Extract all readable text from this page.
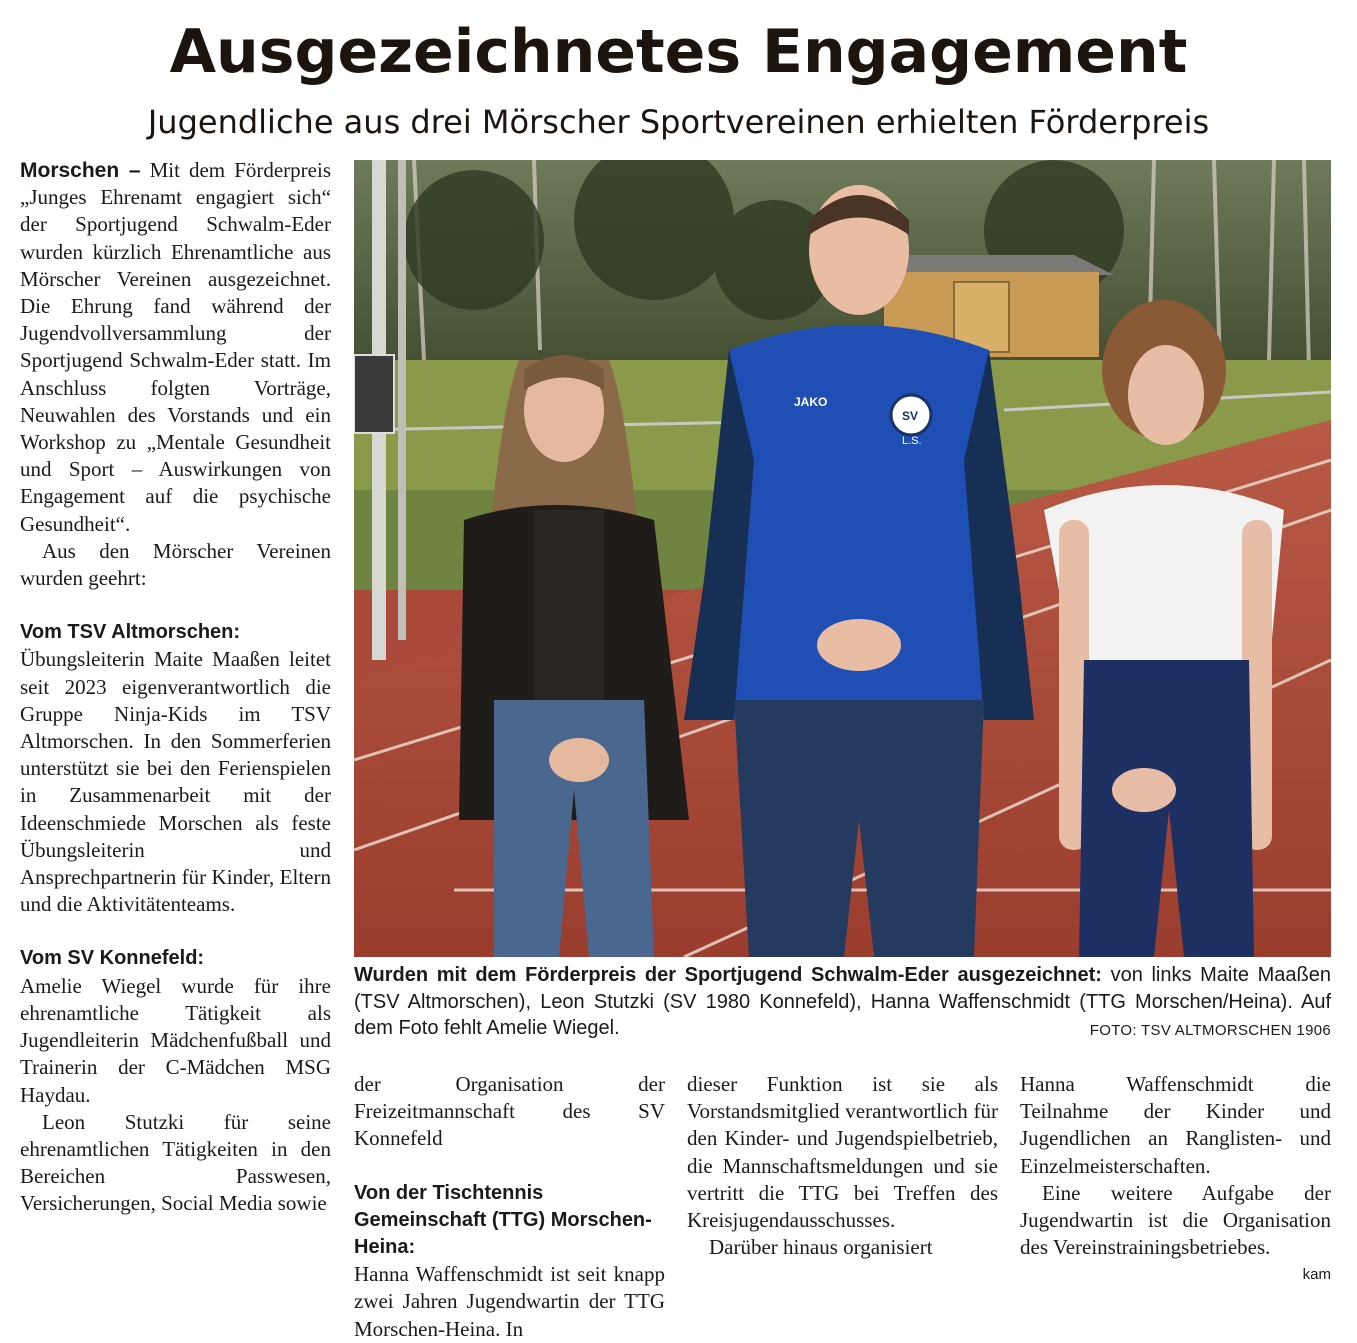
Ausgezeichnetes Engagement
Jugendliche aus drei Mörscher Sportvereinen erhielten Förderpreis

Morschen – Mit dem Förderpreis „Junges Ehrenamt engagiert sich“ der Sportjugend Schwalm-Eder wurden kürzlich Ehrenamtliche aus Mörscher Vereinen ausgezeichnet. Die Ehrung fand während der Jugendvollversammlung der Sportjugend Schwalm-Eder statt. Im Anschluss folgten Vorträge, Neuwahlen des Vorstands und ein Workshop zu „Mentale Gesundheit und Sport – Auswirkungen von Engagement auf die psychische Gesundheit“.

Aus den Mörscher Vereinen wurden geehrt:

Vom TSV Altmorschen:

Übungsleiterin Maite Maaßen leitet seit 2023 eigenverantwortlich die Gruppe Ninja-Kids im TSV Altmorschen. In den Sommerferien unterstützt sie bei den Ferienspielen in Zusammenarbeit mit der Ideenschmiede Morschen als feste Übungsleiterin und Ansprechpartnerin für Kinder, Eltern und die Aktivitätenteams.

Vom SV Konnefeld:

Amelie Wiegel wurde für ihre ehrenamtliche Tätigkeit als Jugendleiterin Mädchenfußball und Trainerin der C-Mädchen MSG Haydau.

Leon Stutzki für seine ehrenamtlichen Tätigkeiten in den Bereichen Passwesen, Versicherungen, Social Media sowie

JAKO
SV
L.S.
Wurden mit dem Förderpreis der Sportjugend Schwalm-Eder ausgezeichnet: von links Maite Maaßen (TSV Altmorschen), Leon Stutzki (SV 1980 Konnefeld), Hanna Waffenschmidt (TTG Morschen/Heina). Auf dem Foto fehlt Amelie Wiegel.	FOTO: TSV ALTMORSCHEN 1906

der Organisation der Freizeitmannschaft des SV Konnefeld

Von der Tischtennis Gemeinschaft (TTG) Morschen-Heina:

Hanna Waffenschmidt ist seit knapp zwei Jahren Jugendwartin der TTG Morschen-Heina. In

dieser Funktion ist sie als Vorstandsmitglied verantwortlich für den Kinder- und Jugendspielbetrieb, die Mannschaftsmeldungen und sie vertritt die TTG bei Treffen des Kreisjugendausschusses.

Darüber hinaus organisiert

Hanna Waffenschmidt die Teilnahme der Kinder und Jugendlichen an Ranglisten- und Einzelmeisterschaften.

Eine weitere Aufgabe der Jugendwartin ist die Organisation des Vereinstrainingsbetriebes.

kam
